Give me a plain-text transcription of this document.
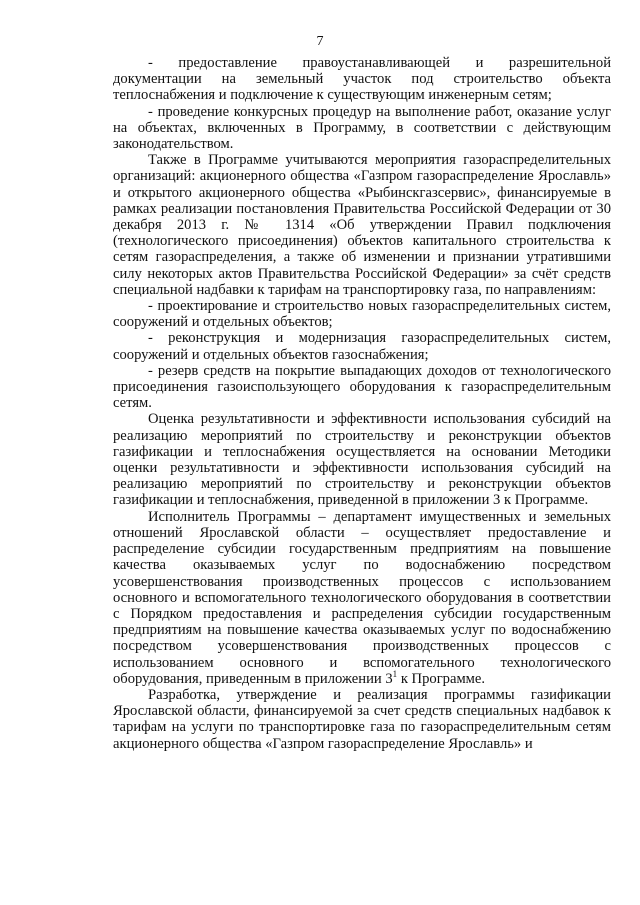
7

- предоставление правоустанавливающей и разрешительной документации на земельный участок под строительство объекта теплоснабжения и подключение к существующим инженерным сетям;

- проведение конкурсных процедур на выполнение работ, оказание услуг на объектах, включенных в Программу, в соответствии с действующим законодательством.

Также в Программе учитываются мероприятия газораспределительных организаций: акционерного общества «Газпром газораспределение Ярославль» и открытого акционерного общества «Рыбинскгазсервис», финансируемые в рамках реализации постановления Правительства Российской Федерации от 30 декабря 2013 г. № 1314 «Об утверждении Правил подключения (технологического присоединения) объектов капитального строительства к сетям газораспределения, а также об изменении и признании утратившими силу некоторых актов Правительства Российской Федерации» за счёт средств специальной надбавки к тарифам на транспортировку газа, по направлениям:

- проектирование и строительство новых газораспределительных систем, сооружений и отдельных объектов;

- реконструкция и модернизация газораспределительных систем, сооружений и отдельных объектов газоснабжения;

- резерв средств на покрытие выпадающих доходов от технологического присоединения газоиспользующего оборудования к газораспределительным сетям.

Оценка результативности и эффективности использования субсидий на реализацию мероприятий по строительству и реконструкции объектов газификации и теплоснабжения осуществляется на основании Методики оценки результативности и эффективности использования субсидий на реализацию мероприятий по строительству и реконструкции объектов газификации и теплоснабжения, приведенной в приложении 3 к Программе.

Исполнитель Программы – департамент имущественных и земельных отношений Ярославской области – осуществляет предоставление и распределение субсидии государственным предприятиям на повышение качества оказываемых услуг по водоснабжению посредством усовершенствования производственных процессов с использованием основного и вспомогательного технологического оборудования в соответствии с Порядком предоставления и распределения субсидии государственным предприятиям на повышение качества оказываемых услуг по водоснабжению посредством усовершенствования производственных процессов с использованием основного и вспомогательного технологического оборудования, приведенным в приложении $3^1$ к Программе.

Разработка, утверждение и реализация программы газификации Ярославской области, финансируемой за счет средств специальных надбавок к тарифам на услуги по транспортировке газа по газораспределительным сетям акционерного общества «Газпром газораспределение Ярославль» и
